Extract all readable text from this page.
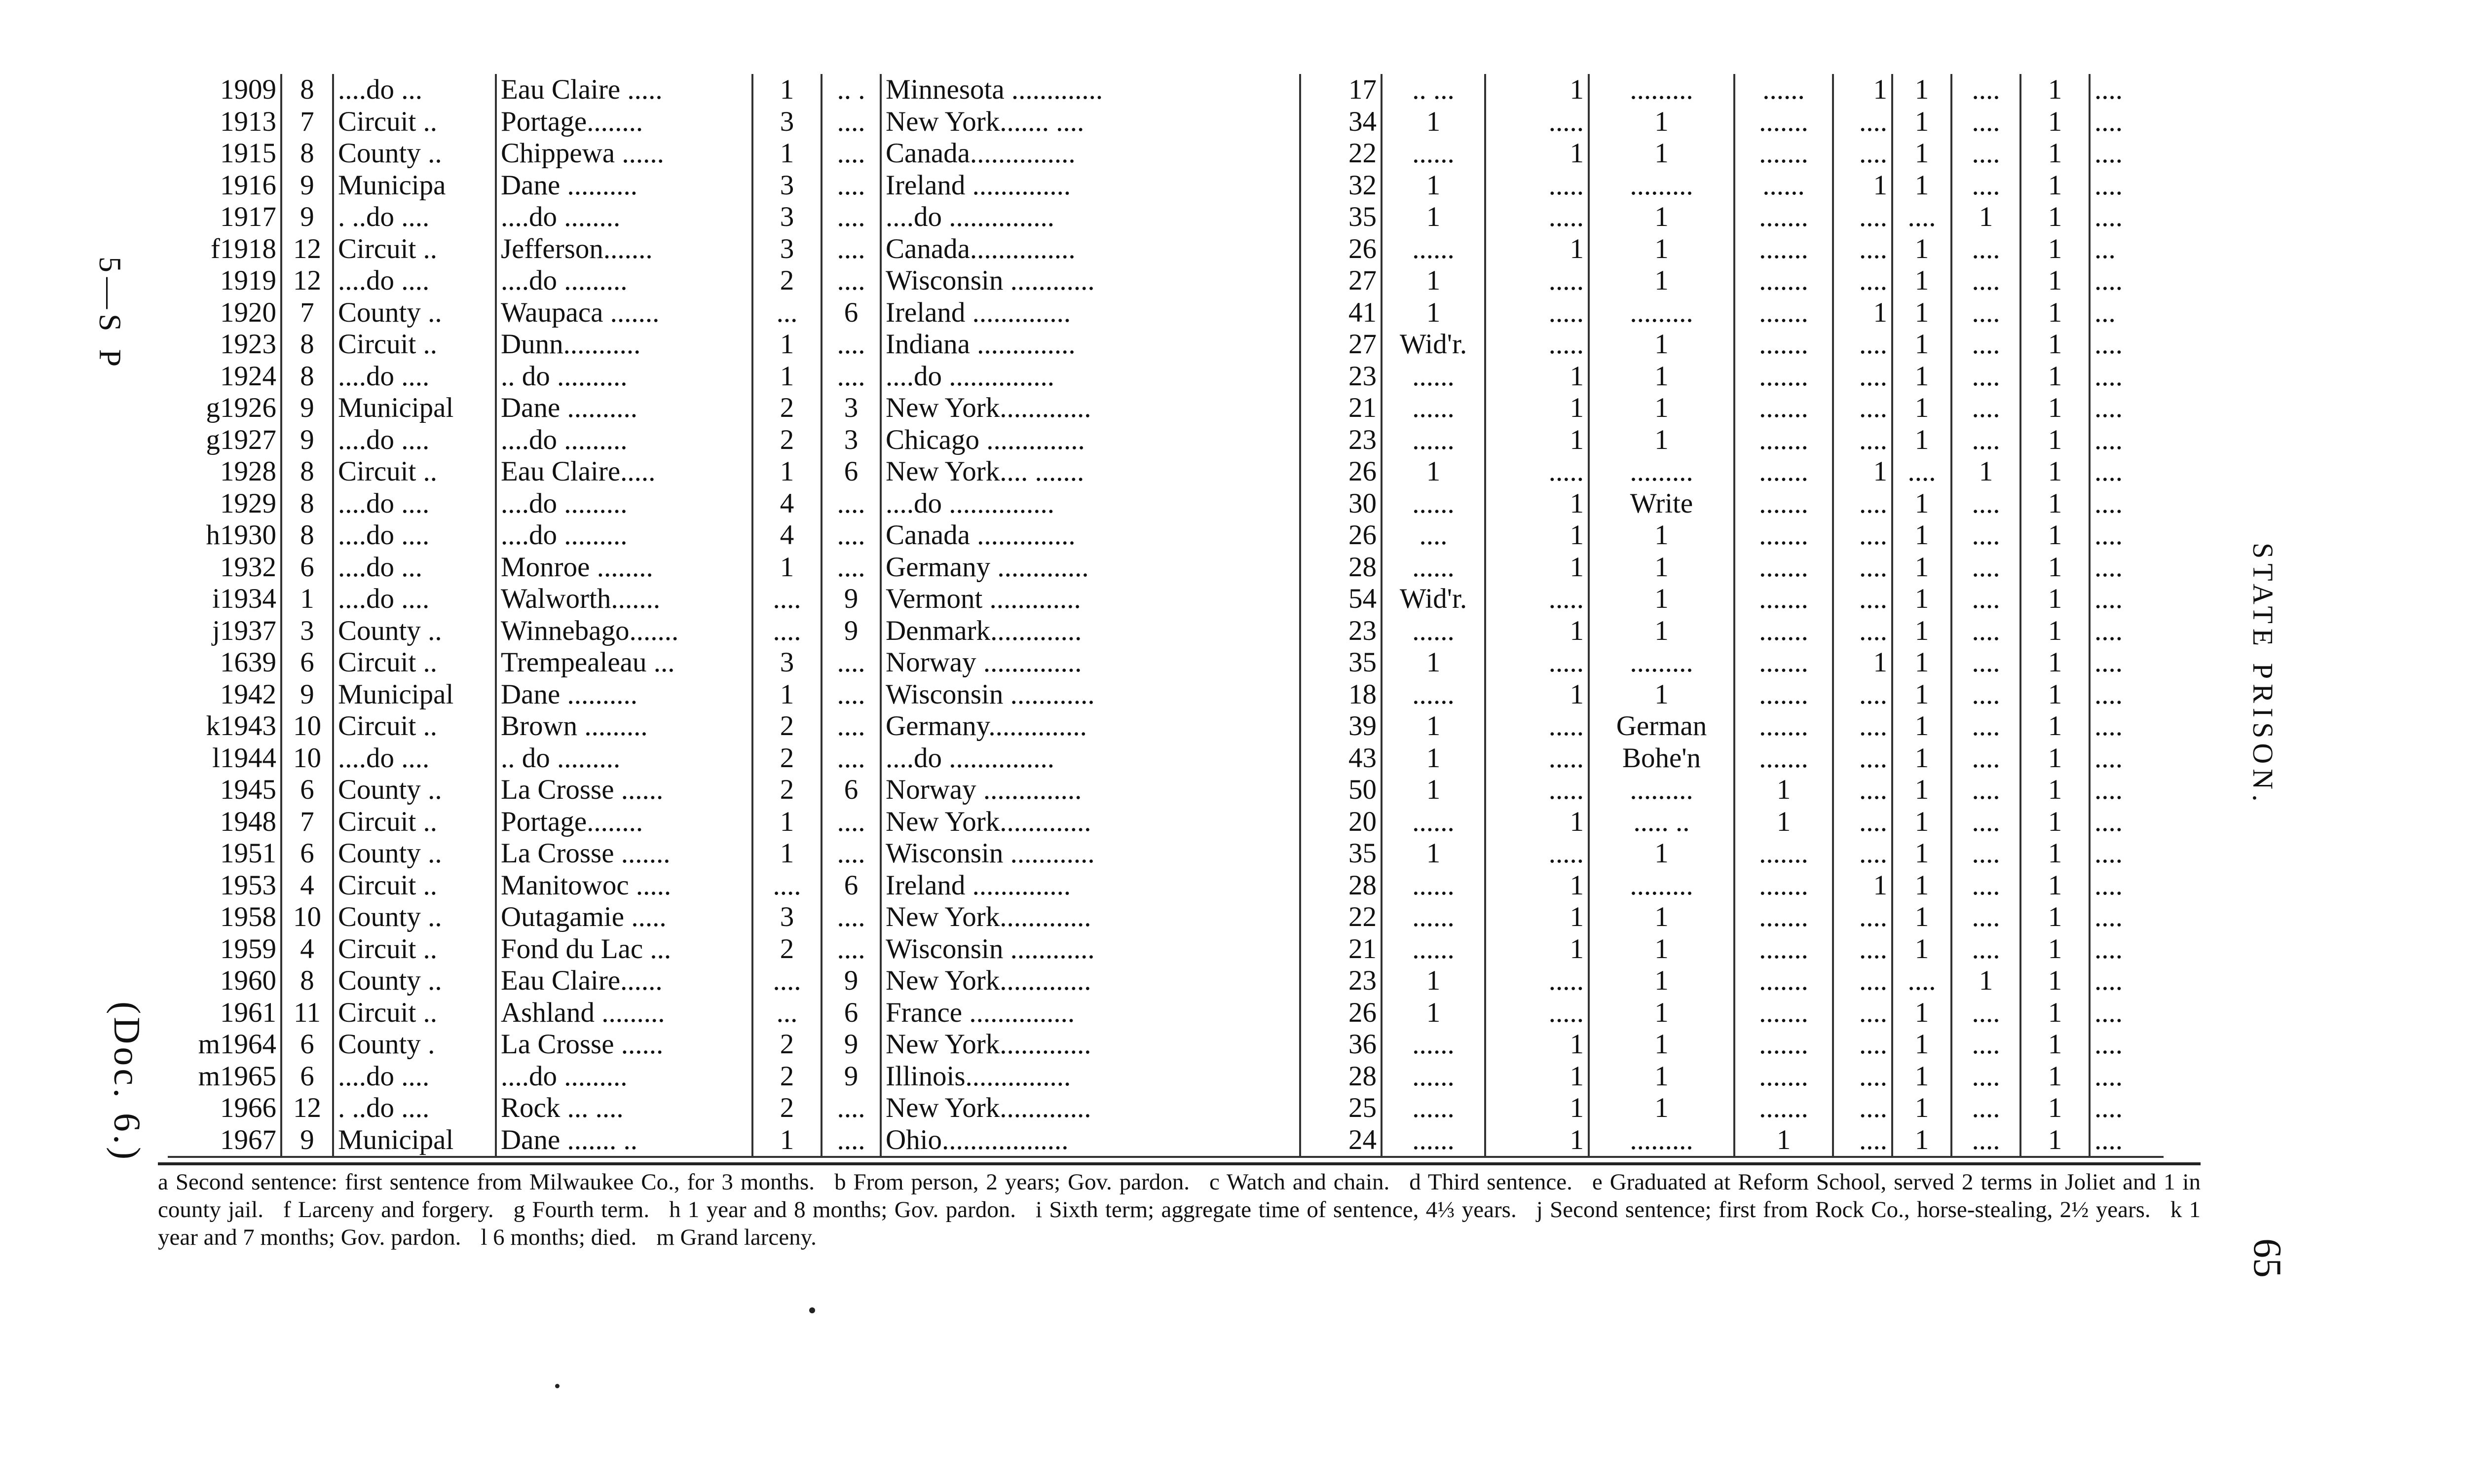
1909	8	....do ...	Eau Claire .....	1	.. .	Minnesota .............	17	.. ...	1	.........	......	1	1	....	1	....
1913	7	Circuit ..	Portage........	3	....	New York....... ....	34	1	.....	1	.......	....	1	....	1	....
1915	8	County ..	Chippewa ......	1	....	Canada...............	22	......	1	1	.......	....	1	....	1	....
1916	9	Municipa	Dane ..........	3	....	Ireland ..............	32	1	.....	.........	......	1	1	....	1	....
1917	9	. ..do ....	....do ........	3	....	....do ...............	35	1	.....	1	.......	....	....	1	1	....
f1918	12	Circuit ..	Jefferson.......	3	....	Canada...............	26	......	1	1	.......	....	1	....	1	...
1919	12	....do ....	....do .........	2	....	Wisconsin ............	27	1	.....	1	.......	....	1	....	1	....
1920	7	County ..	Waupaca .......	...	6	Ireland ..............	41	1	.....	.........	.......	1	1	....	1	...
1923	8	Circuit ..	Dunn...........	1	....	Indiana ..............	27	Wid'r.	.....	1	.......	....	1	....	1	....
1924	8	....do ....	.. do ..........	1	....	....do ...............	23	......	1	1	.......	....	1	....	1	....
g1926	9	Municipal	Dane ..........	2	3	New York.............	21	......	1	1	.......	....	1	....	1	....
g1927	9	....do ....	....do .........	2	3	Chicago ..............	23	......	1	1	.......	....	1	....	1	....
1928	8	Circuit ..	Eau Claire.....	1	6	New York.... .......	26	1	.....	.........	.......	1	....	1	1	....
1929	8	....do ....	....do .........	4	....	....do ...............	30	......	1	Write	.......	....	1	....	1	....
h1930	8	....do ....	....do .........	4	....	Canada ..............	26	....	1	1	.......	....	1	....	1	....
1932	6	....do ...	Monroe ........	1	....	Germany .............	28	......	1	1	.......	....	1	....	1	....
i1934	1	....do ....	Walworth.......	....	9	Vermont .............	54	Wid'r.	.....	1	.......	....	1	....	1	....
j1937	3	County ..	Winnebago.......	....	9	Denmark.............	23	......	1	1	.......	....	1	....	1	....
1639	6	Circuit ..	Trempealeau ...	3	....	Norway ..............	35	1	.....	.........	.......	1	1	....	1	....
1942	9	Municipal	Dane ..........	1	....	Wisconsin ............	18	......	1	1	.......	....	1	....	1	....
k1943	10	Circuit ..	Brown .........	2	....	Germany..............	39	1	.....	German	.......	....	1	....	1	....
l1944	10	....do ....	.. do .........	2	....	....do ...............	43	1	.....	Bohe'n	.......	....	1	....	1	....
1945	6	County ..	La Crosse ......	2	6	Norway ..............	50	1	.....	.........	1	....	1	....	1	....
1948	7	Circuit ..	Portage........	1	....	New York.............	20	......	1	..... ..	1	....	1	....	1	....
1951	6	County ..	La Crosse .......	1	....	Wisconsin ............	35	1	.....	1	.......	....	1	....	1	....
1953	4	Circuit ..	Manitowoc .....	....	6	Ireland ..............	28	......	1	.........	.......	1	1	....	1	....
1958	10	County ..	Outagamie .....	3	....	New York.............	22	......	1	1	.......	....	1	....	1	....
1959	4	Circuit ..	Fond du Lac ...	2	....	Wisconsin ............	21	......	1	1	.......	....	1	....	1	....
1960	8	County ..	Eau Claire......	....	9	New York.............	23	1	.....	1	.......	....	....	1	1	....
1961	11	Circuit ..	Ashland .........	...	6	France ...............	26	1	.....	1	.......	....	1	....	1	....
m1964	6	County .	La Crosse ......	2	9	New York.............	36	......	1	1	.......	....	1	....	1	....
m1965	6	....do ....	....do .........	2	9	Illinois...............	28	......	1	1	.......	....	1	....	1	....
1966	12	. ..do ....	Rock ... ....	2	....	New York.............	25	......	1	1	.......	....	1	....	1	....
1967	9	Municipal	Dane ....... ..	1	....	Ohio..................	24	......	1	.........	1	....	1	....	1	....
a Second sentence: first sentence from Milwaukee Co., for 3 months. b From person, 2 years; Gov. pardon. c Watch and chain. d Third sentence. e Graduated at Reform School, served 2 terms in Joliet and 1 in county jail. f Larceny and forgery. g Fourth term. h 1 year and 8 months; Gov. pardon. i Sixth term; aggregate time of sentence, 4⅓ years. j Second sentence; first from Rock Co., horse-stealing, 2½ years. k 1 year and 7 months; Gov. pardon. l 6 months; died. m Grand larceny.
5—S P
(Doc. 6.)
STATE PRISON.
65
